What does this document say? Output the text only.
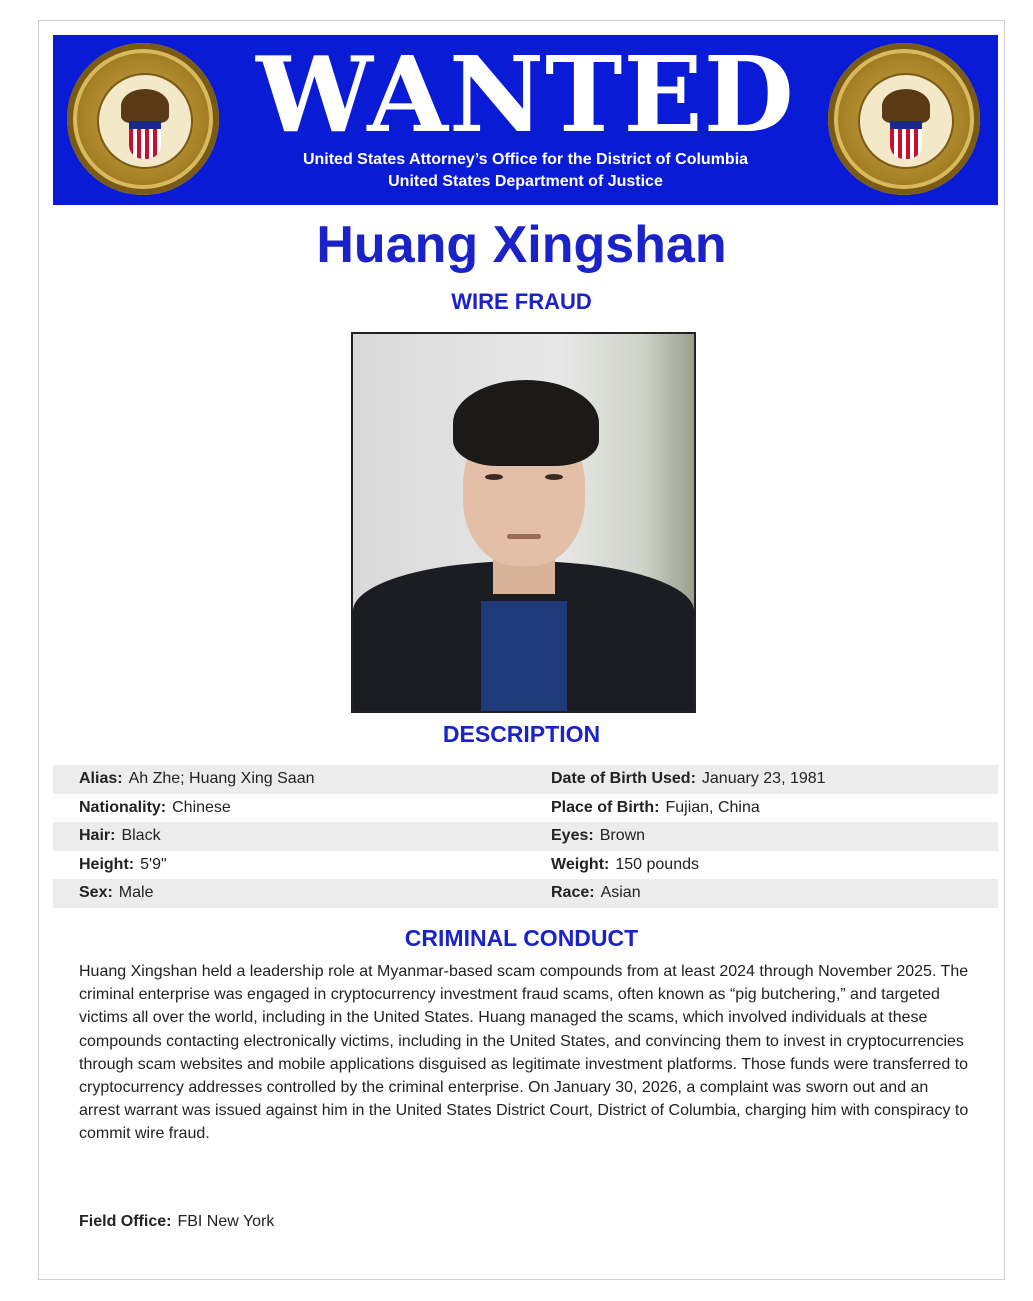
WANTED
United States Attorney’s Office for the District of Columbia
United States Department of Justice
Huang Xingshan
WIRE FRAUD
DESCRIPTION
Alias: Ah Zhe; Huang Xing Saan	Date of Birth Used: January 23, 1981
Nationality: Chinese	Place of Birth: Fujian, China
Hair: Black	Eyes: Brown
Height: 5'9"	Weight: 150 pounds
Sex: Male	Race: Asian
CRIMINAL CONDUCT
Huang Xingshan held a leadership role at Myanmar-based scam compounds from at least 2024 through November 2025. The criminal enterprise was engaged in cryptocurrency investment fraud scams, often known as “pig butchering,” and targeted victims all over the world, including in the United States. Huang managed the scams, which involved individuals at these compounds contacting electronically victims, including in the United States, and convincing them to invest in cryptocurrencies through scam websites and mobile applications disguised as legitimate investment platforms. Those funds were transferred to cryptocurrency addresses controlled by the criminal enterprise. On January 30, 2026, a complaint was sworn out and an arrest warrant was issued against him in the United States District Court, District of Columbia, charging him with conspiracy to commit wire fraud.
Field Office: FBI New York
